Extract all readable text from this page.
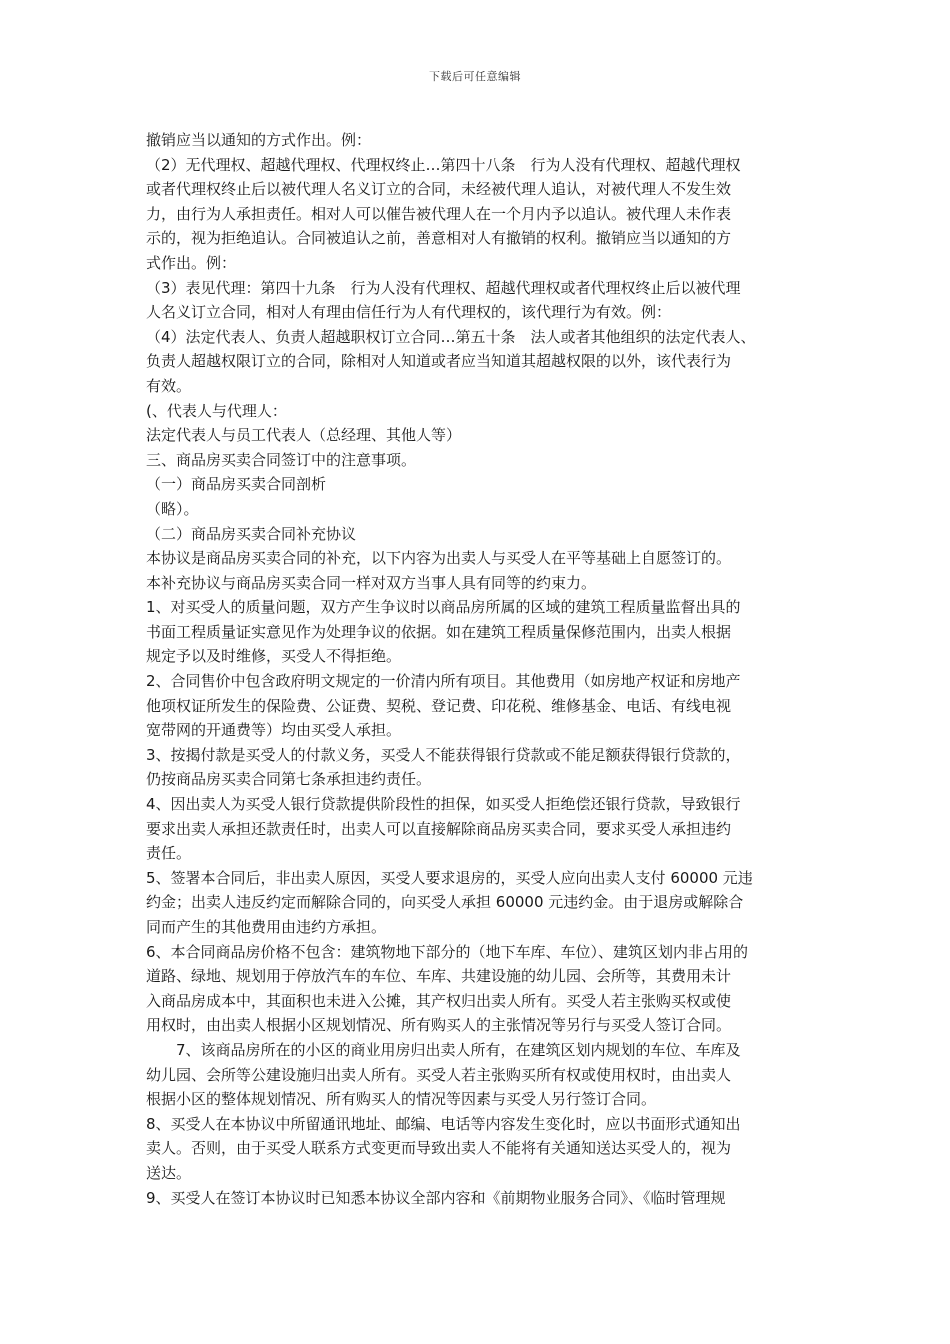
下载后可任意编辑
撤销应当以通知的方式作出。例：
（2）无代理权、超越代理权、代理权终止…第四十八条　行为人没有代理权、超越代理权
或者代理权终止后以被代理人名义订立的合同，未经被代理人追认，对被代理人不发生效
力，由行为人承担责任。相对人可以催告被代理人在一个月内予以追认。被代理人未作表
示的，视为拒绝追认。合同被追认之前，善意相对人有撤销的权利。撤销应当以通知的方
式作出。例：
（3）表见代理：第四十九条　行为人没有代理权、超越代理权或者代理权终止后以被代理
人名义订立合同，相对人有理由信任行为人有代理权的，该代理行为有效。例：
（4）法定代表人、负责人超越职权订立合同…第五十条　法人或者其他组织的法定代表人、
负责人超越权限订立的合同，除相对人知道或者应当知道其超越权限的以外，该代表行为
有效。
(、代表人与代理人：
法定代表人与员工代表人（总经理、其他人等）
三、商品房买卖合同签订中的注意事项。
（一）商品房买卖合同剖析
（略）。
（二）商品房买卖合同补充协议
本协议是商品房买卖合同的补充，以下内容为出卖人与买受人在平等基础上自愿签订的。
本补充协议与商品房买卖合同一样对双方当事人具有同等的约束力。
1、对买受人的质量问题，双方产生争议时以商品房所属的区域的建筑工程质量监督出具的
书面工程质量证实意见作为处理争议的依据。如在建筑工程质量保修范围内，出卖人根据
规定予以及时维修，买受人不得拒绝。
2、合同售价中包含政府明文规定的一价清内所有项目。其他费用（如房地产权证和房地产
他项权证所发生的保险费、公证费、契税、登记费、印花税、维修基金、电话、有线电视
宽带网的开通费等）均由买受人承担。
3、按揭付款是买受人的付款义务，买受人不能获得银行贷款或不能足额获得银行贷款的，
仍按商品房买卖合同第七条承担违约责任。
4、因出卖人为买受人银行贷款提供阶段性的担保，如买受人拒绝偿还银行贷款，导致银行
要求出卖人承担还款责任时，出卖人可以直接解除商品房买卖合同，要求买受人承担违约
责任。
5、签署本合同后，非出卖人原因，买受人要求退房的，买受人应向出卖人支付 60000 元违
约金；出卖人违反约定而解除合同的，向买受人承担 60000 元违约金。由于退房或解除合
同而产生的其他费用由违约方承担。
6、本合同商品房价格不包含：建筑物地下部分的（地下车库、车位）、建筑区划内非占用的
道路、绿地、规划用于停放汽车的车位、车库、共建设施的幼儿园、会所等，其费用未计
入商品房成本中，其面积也未进入公摊，其产权归出卖人所有。买受人若主张购买权或使
用权时，由出卖人根据小区规划情况、所有购买人的主张情况等另行与买受人签订合同。
7、该商品房所在的小区的商业用房归出卖人所有，在建筑区划内规划的车位、车库及
幼儿园、会所等公建设施归出卖人所有。买受人若主张购买所有权或使用权时，由出卖人
根据小区的整体规划情况、所有购买人的情况等因素与买受人另行签订合同。
8、买受人在本协议中所留通讯地址、邮编、电话等内容发生变化时，应以书面形式通知出
卖人。否则，由于买受人联系方式变更而导致出卖人不能将有关通知送达买受人的，视为
送达。
9、买受人在签订本协议时已知悉本协议全部内容和《前期物业服务合同》、《临时管理规
